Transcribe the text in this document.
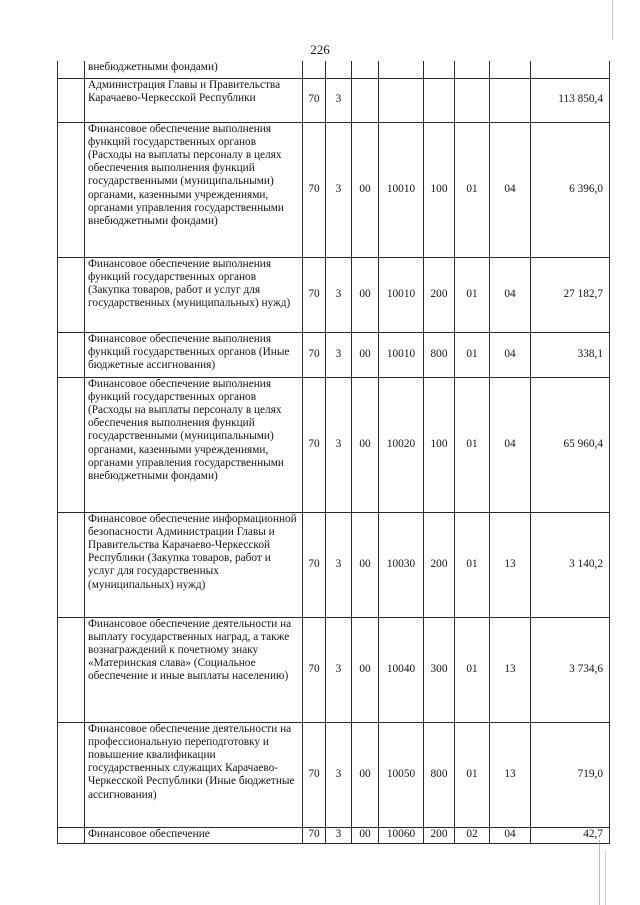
226
	внебюджетными фондами)								
	Администрация Главы и Правительства Карачаево-Черкесской Республики	70	3						113 850,4
	Финансовое обеспечение выполнения функций государственных органов (Расходы на выплаты персоналу в целях обеспечения выполнения функций государственными (муниципальными) органами, казенными учреждениями, органами управления государственными внебюджетными фондами)	70	3	00	10010	100	01	04	6 396,0
	Финансовое обеспечение выполнения функций государственных органов (Закупка товаров, работ и услуг для государственных (муниципальных) нужд)	70	3	00	10010	200	01	04	27 182,7
	Финансовое обеспечение выполнения функций государственных органов (Иные бюджетные ассигнования)	70	3	00	10010	800	01	04	338,1
	Финансовое обеспечение выполнения функций государственных органов (Расходы на выплаты персоналу в целях обеспечения выполнения функций государственными (муниципальными) органами, казенными учреждениями, органами управления государственными внебюджетными фондами)	70	3	00	10020	100	01	04	65 960,4
	Финансовое обеспечение информационной безопасности Администрации Главы и Правительства Карачаево-Черкесской Республики (Закупка товаров, работ и услуг для государственных (муниципальных) нужд)	70	3	00	10030	200	01	13	3 140,2
	Финансовое обеспечение деятельности на выплату государственных наград, а также вознаграждений к почетному знаку «Материнская слава» (Социальное обеспечение и иные выплаты населению)	70	3	00	10040	300	01	13	3 734,6
	Финансовое обеспечение деятельности на профессиональную переподготовку и повышение квалификации государственных служащих Карачаево-Черкесской Республики (Иные бюджетные ассигнования)	70	3	00	10050	800	01	13	719,0
	Финансовое обеспечение	70	3	00	10060	200	02	04	42,7
